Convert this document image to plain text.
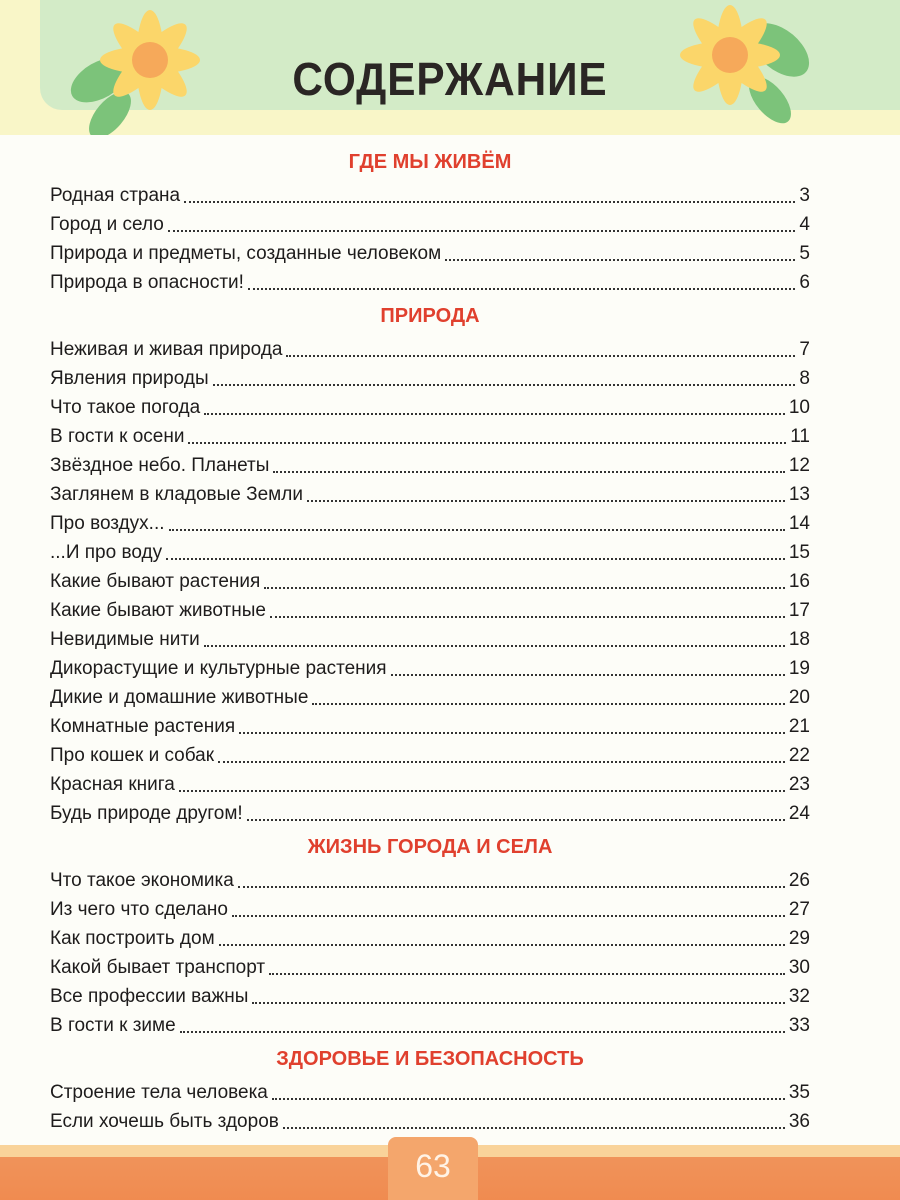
СОДЕРЖАНИЕ
ГДЕ МЫ ЖИВЁМ
Родная страна	3
Город и село	4
Природа и предметы, созданные человеком	5
Природа в опасности!	6
ПРИРОДА
Неживая и живая природа	7
Явления природы	8
Что такое погода	10
В гости к осени	11
Звёздное небо. Планеты	12
Заглянем в кладовые Земли	13
Про воздух...	14
...И про воду	15
Какие бывают растения	16
Какие бывают животные	17
Невидимые нити	18
Дикорастущие и культурные растения	19
Дикие и домашние животные	20
Комнатные растения	21
Про кошек и собак	22
Красная книга	23
Будь природе другом!	24
ЖИЗНЬ ГОРОДА И СЕЛА
Что такое экономика	26
Из чего что сделано	27
Как построить дом	29
Какой бывает транспорт	30
Все профессии важны	32
В гости к зиме	33
ЗДОРОВЬЕ И БЕЗОПАСНОСТЬ
Строение тела человека	35
Если хочешь быть здоров	36
63
